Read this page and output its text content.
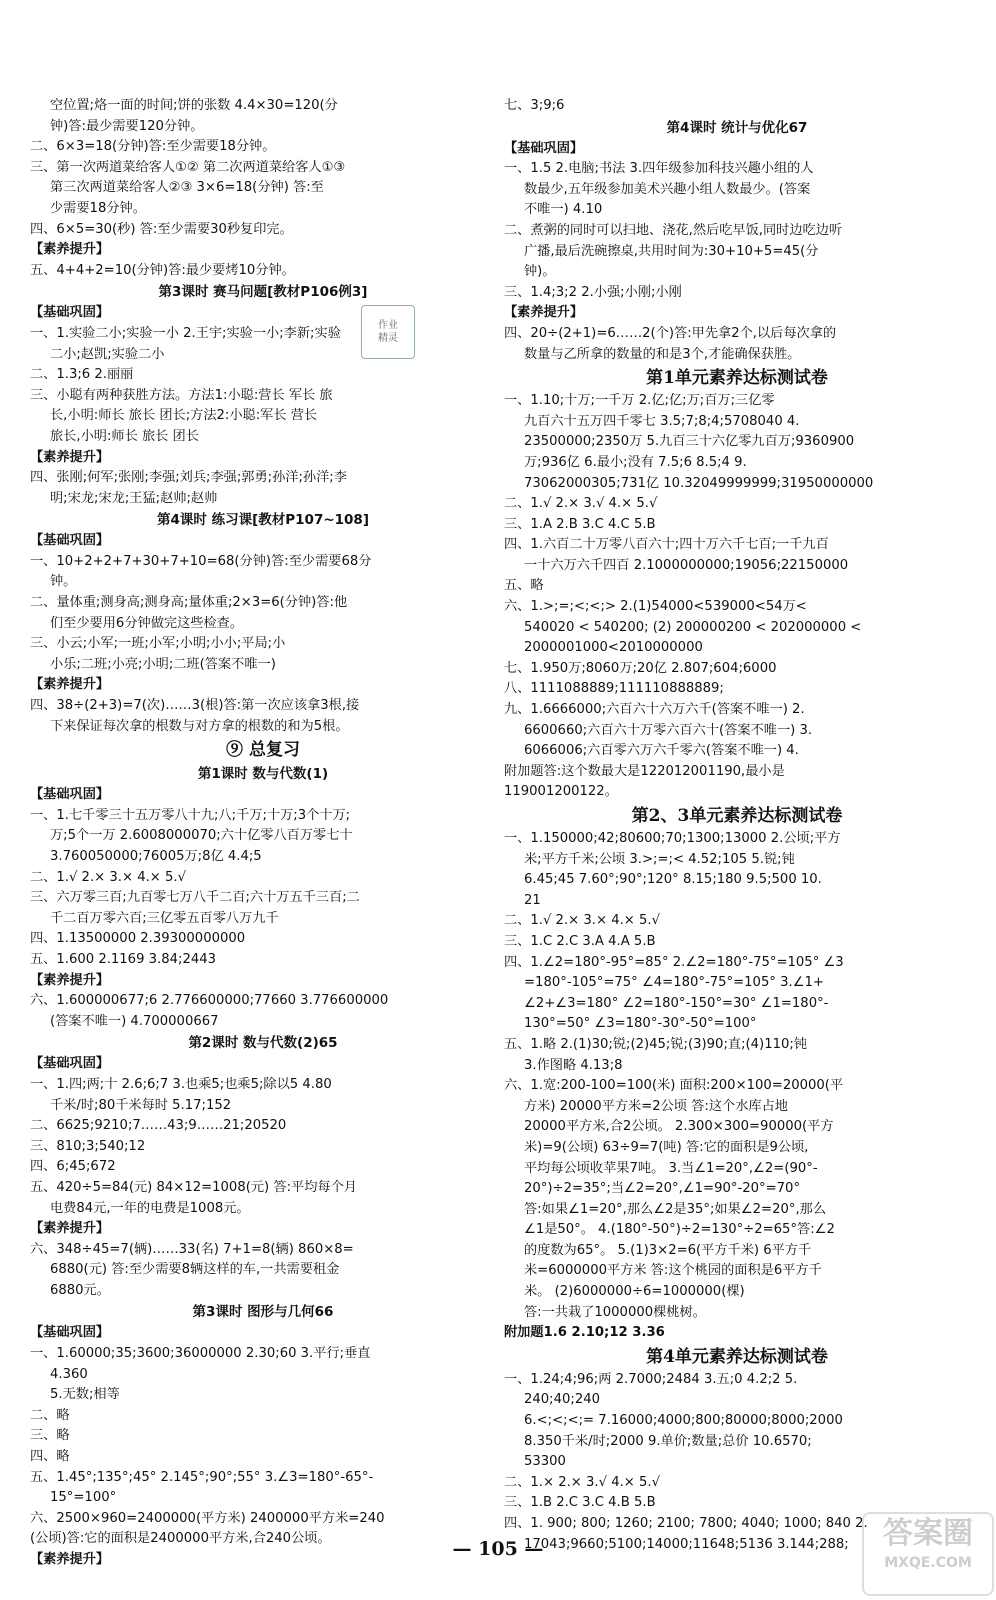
空位置;烙一面的时间;饼的张数 4.4×30=120(分
钟)答:最少需要120分钟。
二、6×3=18(分钟)答:至少需要18分钟。
三、第一次两道菜给客人①② 第二次两道菜给客人①③
第三次两道菜给客人②③ 3×6=18(分钟) 答:至
少需要18分钟。
四、6×5=30(秒) 答:至少需要30秒复印完。
【素养提升】
五、4+4+2=10(分钟)答:最少要烤10分钟。
第3课时 赛马问题[教材P106例3]
【基础巩固】
一、1.实验二小;实验一小 2.王宇;实验一小;李新;实验
二小;赵凯;实验二小
二、1.3;6 2.丽丽
三、小聪有两种获胜方法。方法1:小聪:营长 军长 旅
长,小明:师长 旅长 团长;方法2:小聪:军长 营长
旅长,小明:师长 旅长 团长
【素养提升】
四、张刚;何军;张刚;李强;刘兵;李强;郭勇;孙洋;孙洋;李
明;宋龙;宋龙;王猛;赵帅;赵帅
第4课时 练习课[教材P107~108]
【基础巩固】
一、10+2+2+7+30+7+10=68(分钟)答:至少需要68分
钟。
二、量体重;测身高;测身高;量体重;2×3=6(分钟)答:他
们至少要用6分钟做完这些检查。
三、小云;小军;一班;小军;小明;小小;平局;小
小乐;二班;小亮;小明;二班(答案不唯一)
【素养提升】
四、38÷(2+3)=7(次)……3(根)答:第一次应该拿3根,接
下来保证每次拿的根数与对方拿的根数的和为5根。
⑨ 总复习
第1课时 数与代数(1)
【基础巩固】
一、1.七千零三十五万零八十九;八;千万;十万;3个十万;
万;5个一万 2.6008000070;六十亿零八百万零七十
3.760050000;76005万;8亿 4.4;5
二、1.√ 2.× 3.× 4.× 5.√
三、六万零三百;九百零七万八千二百;六十万五千三百;二
千二百万零六百;三亿零五百零八万九千
四、1.13500000 2.39300000000
五、1.600 2.1169 3.84;2443
【素养提升】
六、1.600000677;6 2.776600000;77660 3.776600000
(答案不唯一) 4.700000667
第2课时 数与代数(2)65
【基础巩固】
一、1.四;两;十 2.6;6;7 3.也乘5;也乘5;除以5 4.80
千米/时;80千米每时 5.17;152
二、6625;9210;7……43;9……21;20520
三、810;3;540;12
四、6;45;672
五、420÷5=84(元) 84×12=1008(元) 答:平均每个月
电费84元,一年的电费是1008元。
【素养提升】
六、348÷45=7(辆)……33(名) 7+1=8(辆) 860×8=
6880(元) 答:至少需要8辆这样的车,一共需要租金
6880元。
第3课时 图形与几何66
【基础巩固】
一、1.60000;35;3600;36000000 2.30;60 3.平行;垂直
4.360
5.无数;相等
二、略
三、略
四、略
五、1.45°;135°;45° 2.145°;90°;55° 3.∠3=180°-65°-
15°=100°
六、2500×960=2400000(平方米) 2400000平方米=240
(公顷)答:它的面积是2400000平方米,合240公顷。
【素养提升】
七、3;9;6
第4课时 统计与优化67
【基础巩固】
一、1.5 2.电脑;书法 3.四年级参加科技兴趣小组的人
数最少,五年级参加美术兴趣小组人数最少。(答案
不唯一) 4.10
二、煮粥的同时可以扫地、浇花,然后吃早饭,同时边吃边听
广播,最后洗碗擦桌,共用时间为:30+10+5=45(分
钟)。
三、1.4;3;2 2.小强;小刚;小刚
【素养提升】
四、20÷(2+1)=6……2(个)答:甲先拿2个,以后每次拿的
数量与乙所拿的数量的和是3个,才能确保获胜。
第1单元素养达标测试卷
一、1.10;十万;一千万 2.亿;亿;万;百万;三亿零
九百六十五万四千零七 3.5;7;8;4;5708040 4.
23500000;2350万 5.九百三十六亿零九百万;9360900
万;936亿 6.最小;没有 7.5;6 8.5;4 9.
73062000305;731亿 10.32049999999;31950000000
二、1.√ 2.× 3.√ 4.× 5.√
三、1.A 2.B 3.C 4.C 5.B
四、1.六百二十万零八百六十;四十万六千七百;一千九百
一十六万六千四百 2.1000000000;19056;22150000
五、略
六、1.>;=;<;<;> 2.(1)54000<539000<54万<
540020 < 540200; (2) 200000200 < 202000000 <
2000001000<2010000000
七、1.950万;8060万;20亿 2.807;604;6000
八、1111088889;111110888889;
九、1.6666000;六百六十六万六千(答案不唯一) 2.
6600660;六百六十万零六百六十(答案不唯一) 3.
6066006;六百零六万六千零六(答案不唯一) 4.
附加题答:这个数最大是122012001190,最小是
119001200122。
第2、3单元素养达标测试卷
一、1.150000;42;80600;70;1300;13000 2.公顷;平方
米;平方千米;公顷 3.>;=;< 4.52;105 5.锐;钝
6.45;45 7.60°;90°;120° 8.15;180 9.5;500 10.
21
二、1.√ 2.× 3.× 4.× 5.√
三、1.C 2.C 3.A 4.A 5.B
四、1.∠2=180°-95°=85° 2.∠2=180°-75°=105° ∠3
=180°-105°=75° ∠4=180°-75°=105° 3.∠1+
∠2+∠3=180° ∠2=180°-150°=30° ∠1=180°-
130°=50° ∠3=180°-30°-50°=100°
五、1.略 2.(1)30;锐;(2)45;锐;(3)90;直;(4)110;钝
3.作图略 4.13;8
六、1.宽:200-100=100(米) 面积:200×100=20000(平
方米) 20000平方米=2公顷 答:这个水库占地
20000平方米,合2公顷。 2.300×300=90000(平方
米)=9(公顷) 63÷9=7(吨) 答:它的面积是9公顷,
平均每公顷收苹果7吨。 3.当∠1=20°,∠2=(90°-
20°)÷2=35°;当∠2=20°,∠1=90°-20°=70°
答:如果∠1=20°,那么∠2是35°;如果∠2=20°,那么
∠1是50°。 4.(180°-50°)÷2=130°÷2=65°答:∠2
的度数为65°。 5.(1)3×2=6(平方千米) 6平方千
米=6000000平方米 答:这个桃园的面积是6平方千
米。 (2)6000000÷6=1000000(棵)
答:一共栽了1000000棵桃树。
附加题1.6 2.10;12 3.36
第4单元素养达标测试卷
一、1.24;4;96;两 2.7000;2484 3.五;0 4.2;2 5.
240;40;240
6.<;<;<;= 7.16000;4000;800;80000;8000;2000
8.350千米/时;2000 9.单价;数量;总价 10.6570;
53300
二、1.× 2.× 3.√ 4.× 5.√
三、1.B 2.C 3.C 4.B 5.B
四、1. 900; 800; 1260; 2100; 7800; 4040; 1000; 840 2.
17043;9660;5100;14000;11648;5136 3.144;288;
作业
精灵
— 105 —	答案圈
MXQE.COM
